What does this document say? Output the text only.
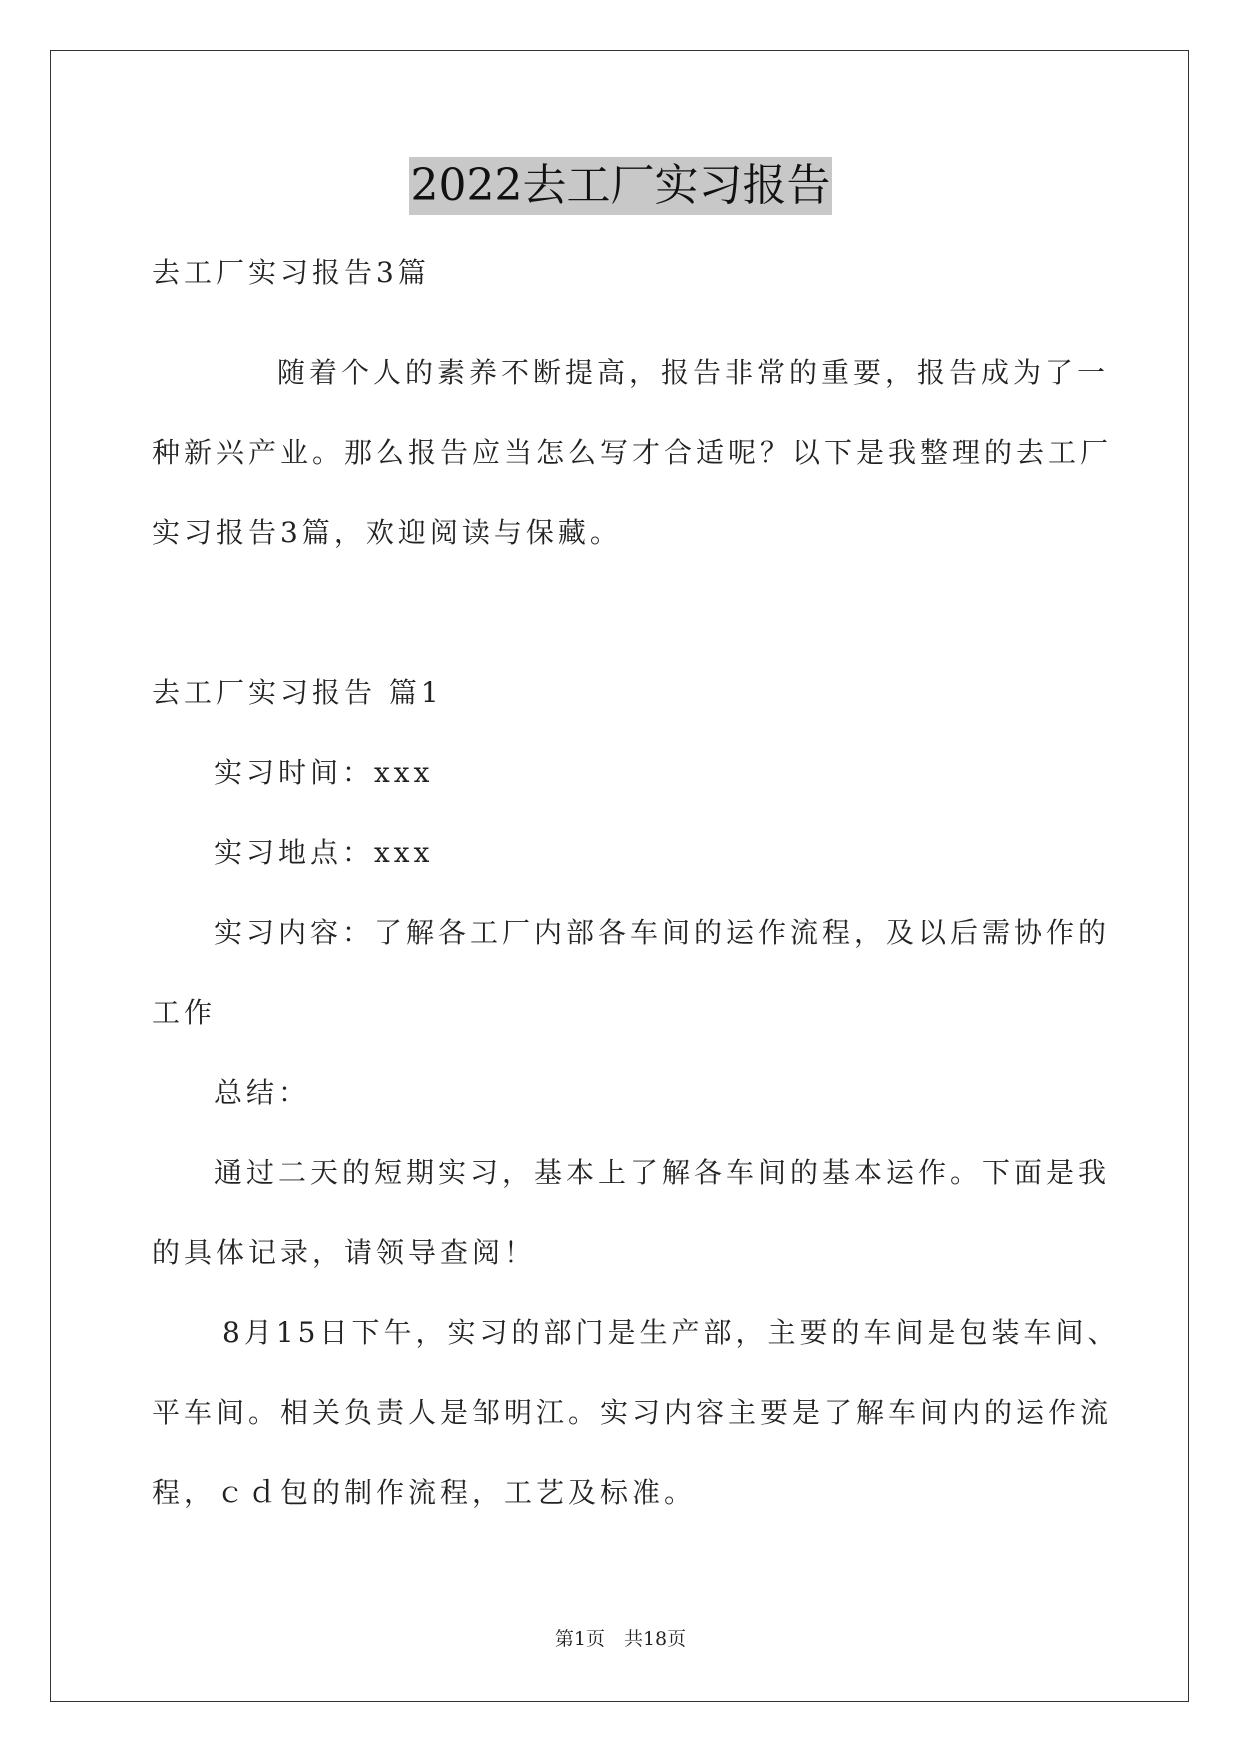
2022去工厂实习报告
去工厂实习报告3篇
随着个人的素养不断提高，报告非常的重要，报告成为了一
种新兴产业。那么报告应当怎么写才合适呢？以下是我整理的去工厂
实习报告3篇，欢迎阅读与保藏。
去工厂实习报告 篇1
实习时间：xxx
实习地点：xxx
实习内容：了解各工厂内部各车间的运作流程，及以后需协作的
工作
总结：
通过二天的短期实习，基本上了解各车间的基本运作。下面是我
的具体记录，请领导查阅！
8月15日下午，实习的部门是生产部，主要的车间是包装车间、
平车间。相关负责人是邹明江。实习内容主要是了解车间内的运作流
程，ｃｄ包的制作流程，工艺及标准。
第1页　共18页
